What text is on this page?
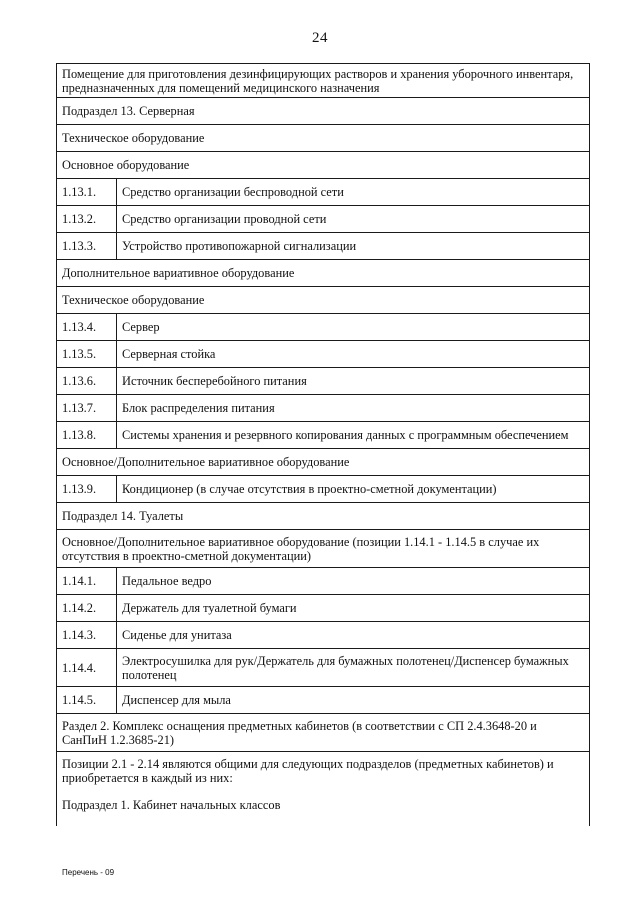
24
Помещение для приготовления дезинфицирующих растворов и хранения уборочного инвентаря, предназначенных для помещений медицинского назначения	
Подраздел 13. Серверная	
Техническое оборудование	
Основное оборудование	
1.13.1.	Средство организации беспроводной сети
1.13.2.	Средство организации проводной сети
1.13.3.	Устройство противопожарной сигнализации
Дополнительное вариативное оборудование	
Техническое оборудование	
1.13.4.	Сервер
1.13.5.	Серверная стойка
1.13.6.	Источник бесперебойного питания
1.13.7.	Блок распределения питания
1.13.8.	Системы хранения и резервного копирования данных с программным обеспечением
Основное/Дополнительное вариативное оборудование	
1.13.9.	Кондиционер (в случае отсутствия в проектно-сметной документации)
Подраздел 14. Туалеты	
Основное/Дополнительное вариативное оборудование (позиции 1.14.1 - 1.14.5 в случае их отсутствия в проектно-сметной документации)	
1.14.1.	Педальное ведро
1.14.2.	Держатель для туалетной бумаги
1.14.3.	Сиденье для унитаза
1.14.4.	Электросушилка для рук/Держатель для бумажных полотенец/Диспенсер бумажных полотенец
1.14.5.	Диспенсер для мыла
Раздел 2. Комплекс оснащения предметных кабинетов (в соответствии с СП 2.4.3648-20 и СанПиН 1.2.3685-21)	
Позиции 2.1 - 2.14 являются общими для следующих подразделов (предметных кабинетов) и приобретается в каждый из них:	
Подраздел 1. Кабинет начальных классов	
Перечень - 09
